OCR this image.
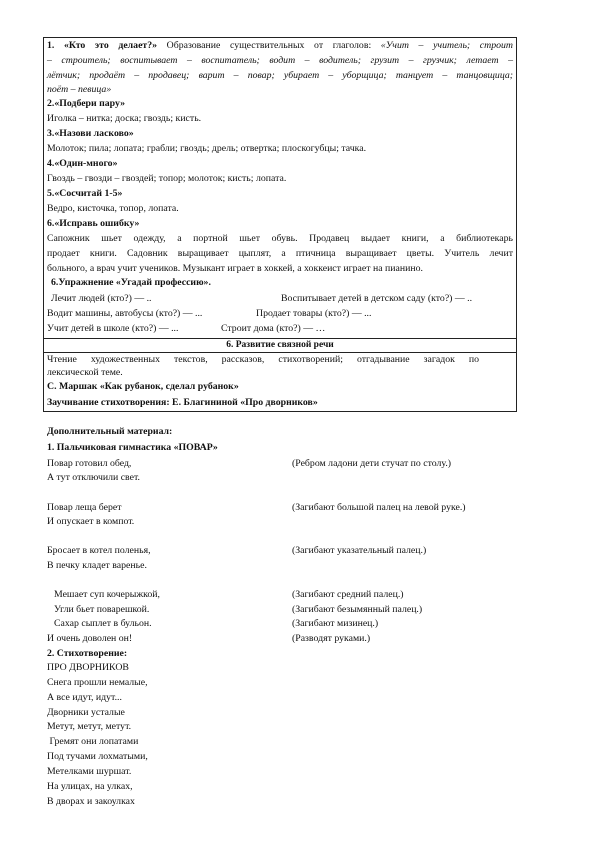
1. «Кто это делает?» Образование существительных от глаголов: «Учит – учитель; строит
– строитель; воспитывает – воспитатель; водит – водитель; грузит – грузчик; летает –
лётчик; продаёт – продавец; варит – повар; убирает – уборщица; танцует – танцовщица;
поёт – певица»
2.«Подбери пару»
Иголка – нитка; доска; гвоздь; кисть.
3.«Назови ласково»
Молоток; пила; лопата; грабли; гвоздь; дрель; отвертка; плоскогубцы; тачка.
4.«Один-много»
Гвоздь – гвозди – гвоздей; топор; молоток; кисть; лопата.
5.«Сосчитай 1-5»
Ведро, кисточка, топор, лопата.
6.«Исправь ошибку»
Сапожник шьет одежду, а портной шьет обувь. Продавец выдает книги, а библиотекарь
продает книги. Садовник выращивает цыплят, а птичница выращивает цветы. Учитель лечит
больного, а врач учит учеников. Музыкант играет в хоккей, а хоккеист играет на пианино.
6.Упражнение «Угадай профессию».
Лечит людей (кто?) — ..	Воспитывает детей в детском саду (кто?) — ..
Водит машины, автобусы (кто?) — ...	Продает товары (кто?) — ...
Учит детей в школе (кто?) — ...	Строит дома (кто?) — …
6. Развитие связной речи
Чтение художественных текстов, рассказов, стихотворений; отгадывание загадок по
лексической теме.
С. Маршак «Как рубанок, сделал рубанок»
Заучивание стихотворения: Е. Благининой «Про дворников»
Дополнительный материал:
1. Пальчиковая гимнастика «ПОВАР»
Повар готовил обед,	(Ребром ладони дети стучат по столу.)
А тут отключили свет.
Повар леща берет	(Загибают большой палец на левой руке.)
И опускает в компот.
Бросает в котел поленья,	(Загибают указательный палец.)
В печку кладет варенье.
Мешает суп кочерыжкой,	(Загибают средний палец.)
Угли бьет поварешкой.	(Загибают безымянный палец.)
Сахар сыплет в бульон.	(Загибают мизинец.)
И очень доволен он!	(Разводят руками.)
2. Стихотворение:
ПРО ДВОРНИКОВ
Снега прошли немалые,
А все идут, идут...
Дворники усталые
Метут, метут, метут.
Гремят они лопатами
Под тучами лохматыми,
Метелками шуршат.
На улицах, на улках,
В дворах и закоулках
